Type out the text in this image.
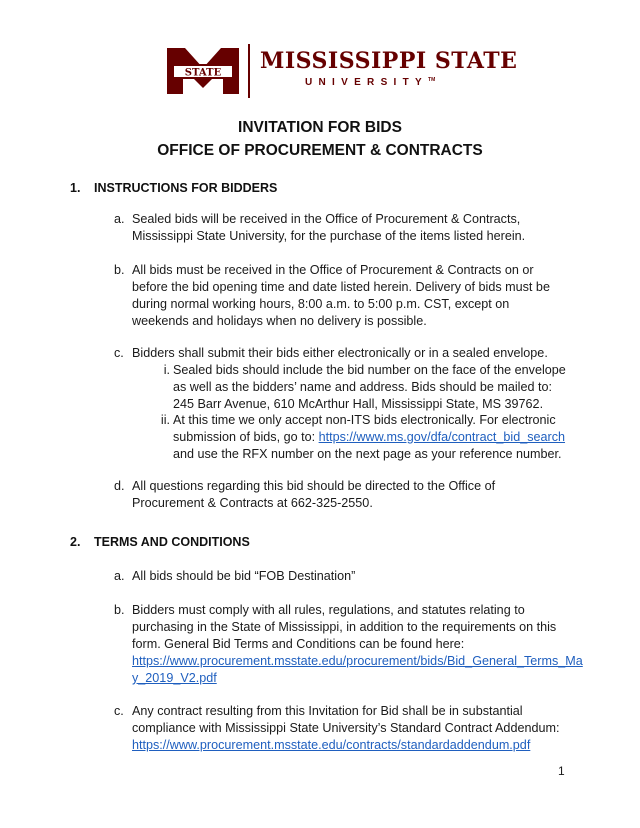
STATE MISSISSIPPI STATE
UNIVERSITY™
INVITATION FOR BIDS
OFFICE OF PROCUREMENT & CONTRACTS
1. INSTRUCTIONS FOR BIDDERS
a. Sealed bids will be received in the Office of Procurement & Contracts, Mississippi State University, for the purchase of the items listed herein.
b. All bids must be received in the Office of Procurement & Contracts on or before the bid opening time and date listed herein. Delivery of bids must be during normal working hours, 8:00 a.m. to 5:00 p.m. CST, except on weekends and holidays when no delivery is possible.
c. Bidders shall submit their bids either electronically or in a sealed envelope.
i. Sealed bids should include the bid number on the face of the envelope as well as the bidders’ name and address. Bids should be mailed to: 245 Barr Avenue, 610 McArthur Hall, Mississippi State, MS 39762.
ii. At this time we only accept non-ITS bids electronically. For electronic submission of bids, go to: https://www.ms.gov/dfa/contract_bid_search and use the RFX number on the next page as your reference number.
d. All questions regarding this bid should be directed to the Office of Procurement & Contracts at 662-325-2550.
2. TERMS AND CONDITIONS
a. All bids should be bid “FOB Destination”
b. Bidders must comply with all rules, regulations, and statutes relating to purchasing in the State of Mississippi, in addition to the requirements on this form. General Bid Terms and Conditions can be found here:
https://www.procurement.msstate.edu/procurement/bids/Bid_General_Terms_Ma
y_2019_V2.pdf
c. Any contract resulting from this Invitation for Bid shall be in substantial compliance with Mississippi State University’s Standard Contract Addendum:
https://www.procurement.msstate.edu/contracts/standardaddendum.pdf
1
